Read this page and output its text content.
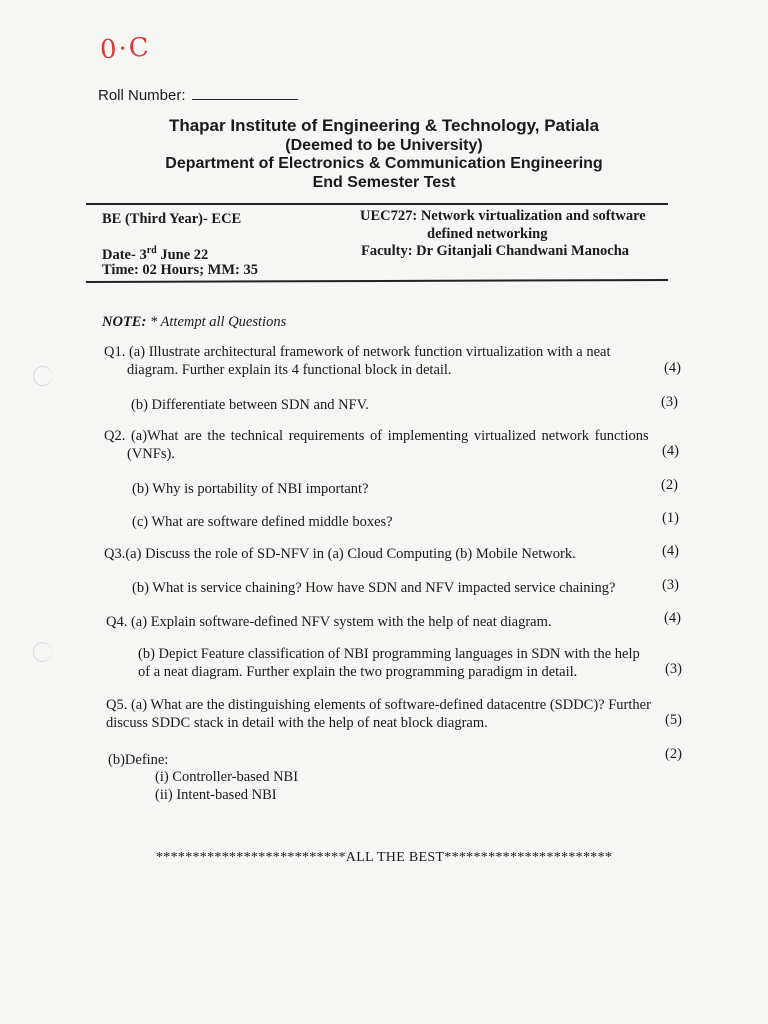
0·C
Roll Number:
Thapar Institute of Engineering & Technology, Patiala
(Deemed to be University)
Department of Electronics & Communication Engineering
End Semester Test
BE (Third Year)- ECE	UEC727: Network virtualization and software
defined networking
Date- 3rd June 22	Faculty: Dr Gitanjali Chandwani Manocha
Time: 02 Hours; MM: 35
NOTE: * Attempt all Questions
Q1. (a) Illustrate architectural framework of network function virtualization with a neat
diagram. Further explain its 4 functional block in detail.	(4)
(b) Differentiate between SDN and NFV.	(3)
Q2. (a)What are the technical requirements of implementing virtualized network functions
(VNFs).	(4)
(b) Why is portability of NBI important?	(2)
(c) What are software defined middle boxes?	(1)
Q3.(a) Discuss the role of SD-NFV in (a) Cloud Computing (b) Mobile Network.	(4)
(b) What is service chaining? How have SDN and NFV impacted service chaining?	(3)
Q4. (a) Explain software-defined NFV system with the help of neat diagram.	(4)
(b) Depict Feature classification of NBI programming languages in SDN with the help
of a neat diagram. Further explain the two programming paradigm in detail.	(3)
Q5. (a) What are the distinguishing elements of software-defined datacentre (SDDC)? Further
discuss SDDC stack in detail with the help of neat block diagram.	(5)
(b)Define:	(2)
(i) Controller-based NBI
(ii) Intent-based NBI
**************************ALL THE BEST***********************
